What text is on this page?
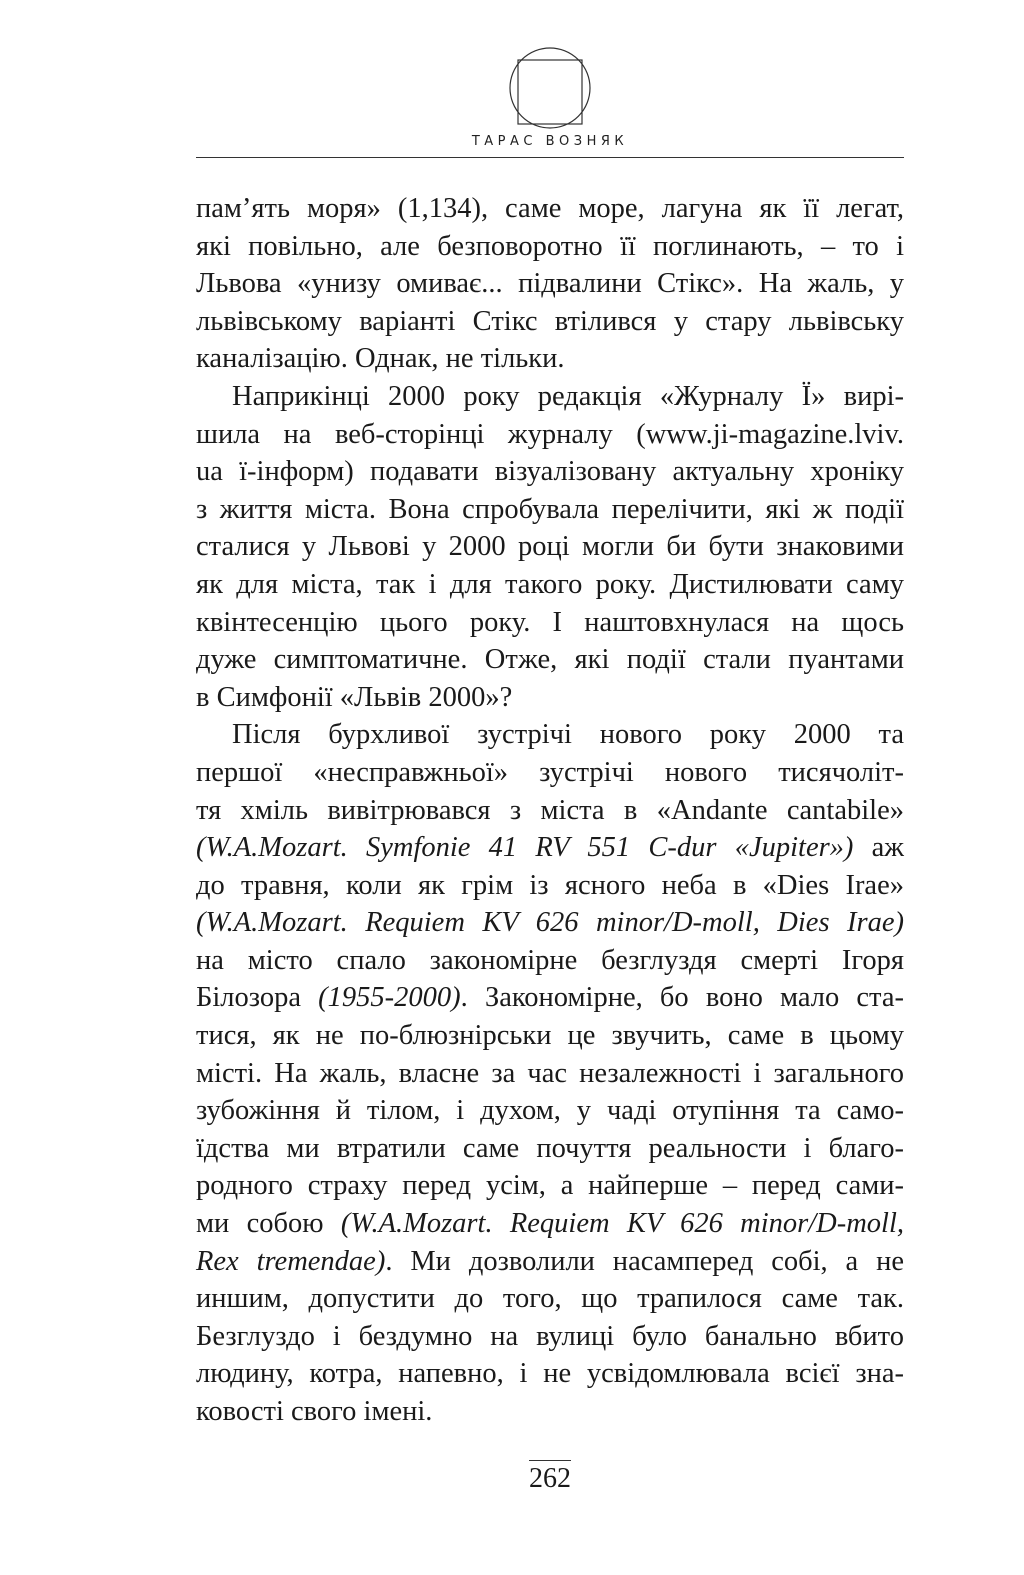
ТАРАС ВОЗНЯК
пам’ять моря» (1,134), саме море, лагуна як її легат,
які повільно, але безповоротно її поглинають, – то і
Львова «унизу омиває... підвалини Стікс». На жаль, у
львівському варіанті Стікс втілився у стару львівську
каналізацію. Однак, не тільки.
Наприкінці 2000 року редакція «Журналу Ї» вирі-
шила на веб-сторінці журналу (www.ji-magazine.lviv.
ua ї-інформ) подавати візуалізовану актуальну хроніку
з життя міста. Вона спробувала перелічити, які ж події
сталися у Львові у 2000 році могли би бути знаковими
як для міста, так і для такого року. Дистилювати саму
квінтесенцію цього року. І наштовхнулася на щось
дуже симптоматичне. Отже, які події стали пуантами
в Симфонії «Львів 2000»?
Після бурхливої зустрічі нового року 2000 та
першої «несправжньої» зустрічі нового тисячоліт-
тя хміль вивітрювався з міста в «Andante cantabile»
(W.A.Mozart. Symfonie 41 RV 551 C-dur «Jupiter») аж
до травня, коли як грім із ясного неба в «Dies Irae»
(W.A.Mozart. Requiem KV 626 minor/D-moll, Dies Irae)
на місто спало закономірне безглуздя смерті Ігоря
Білозора (1955-2000). Закономірне, бо воно мало ста-
тися, як не по-блюзнірськи це звучить, саме в цьому
місті. На жаль, власне за час незалежності і загального
зубожіння й тілом, і духом, у чаді отупіння та само-
їдства ми втратили саме почуття реальности і благо-
родного страху перед усім, а найперше – перед сами-
ми собою (W.A.Mozart. Requiem KV 626 minor/D-moll,
Rex tremendae). Ми дозволили насамперед собі, а не
иншим, допустити до того, що трапилося саме так.
Безглуздо і бездумно на вулиці було банально вбито
людину, котра, напевно, і не усвідомлювала всієї зна-
ковості свого імені.
262
